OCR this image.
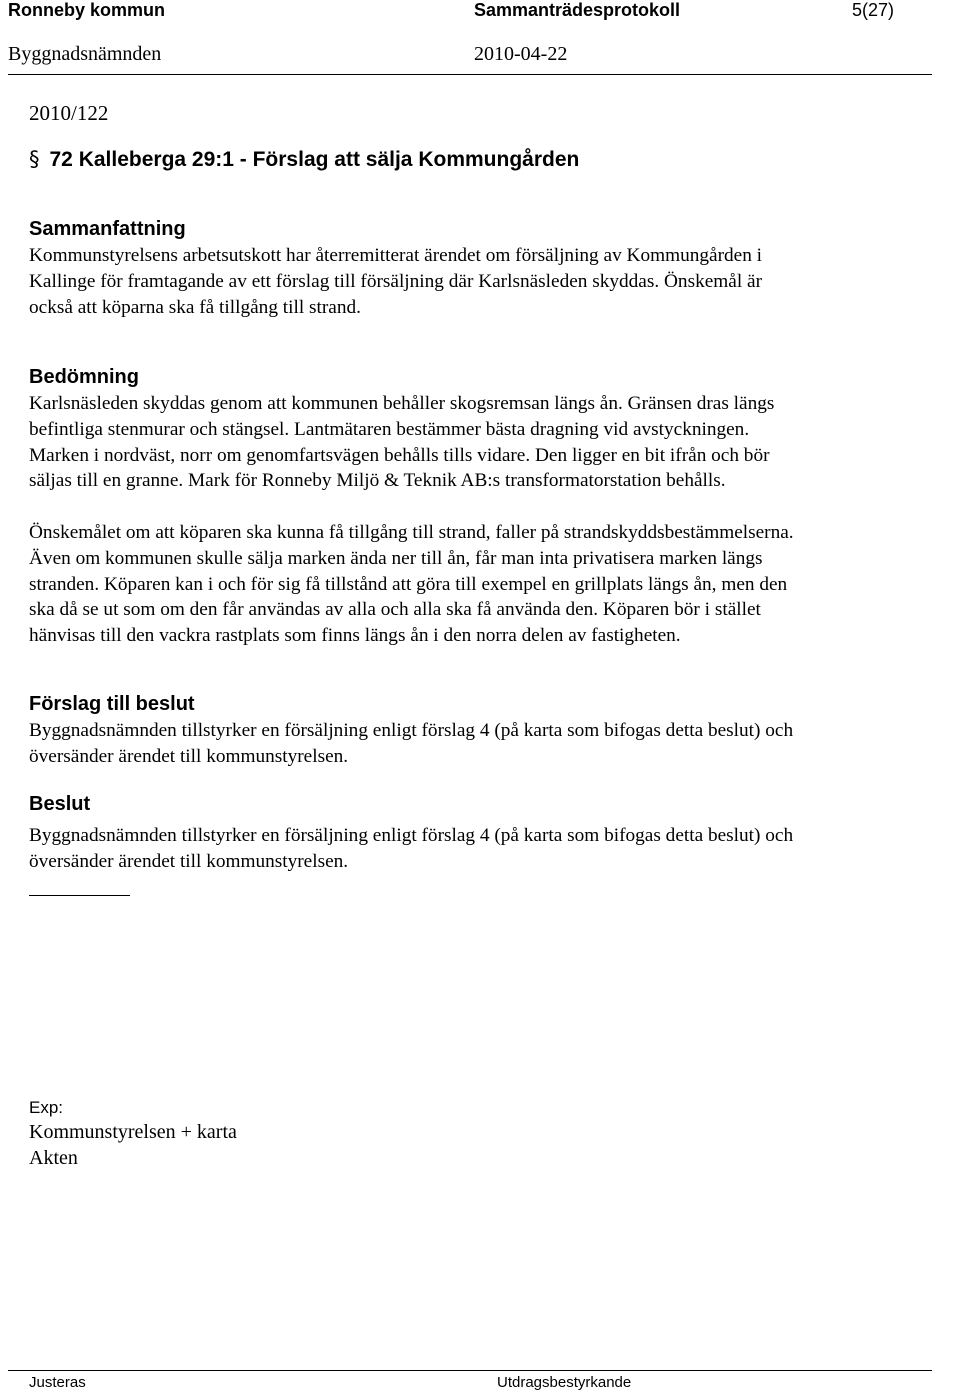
Ronneby kommun	Sammanträdesprotokoll	5(27)
Byggnadsnämnden	2010-04-22
2010/122
§ 72 Kalleberga 29:1 - Förslag att sälja Kommungården
Sammanfattning

Kommunstyrelsens arbetsutskott har återremitterat ärendet om försäljning av Kommungården i
Kallinge för framtagande av ett förslag till försäljning där Karlsnäsleden skyddas. Önskemål är
också att köparna ska få tillgång till strand.

Bedömning

Karlsnäsleden skyddas genom att kommunen behåller skogsremsan längs ån. Gränsen dras längs
befintliga stenmurar och stängsel. Lantmätaren bestämmer bästa dragning vid avstyckningen.
Marken i nordväst, norr om genomfartsvägen behålls tills vidare. Den ligger en bit ifrån och bör
säljas till en granne. Mark för Ronneby Miljö & Teknik AB:s transformatorstation behålls.

Önskemålet om att köparen ska kunna få tillgång till strand, faller på strandskyddsbestämmelserna.
Även om kommunen skulle sälja marken ända ner till ån, får man inta privatisera marken längs
stranden. Köparen kan i och för sig få tillstånd att göra till exempel en grillplats längs ån, men den
ska då se ut som om den får användas av alla och alla ska få använda den. Köparen bör i stället
hänvisas till den vackra rastplats som finns längs ån i den norra delen av fastigheten.

Förslag till beslut

Byggnadsnämnden tillstyrker en försäljning enligt förslag 4 (på karta som bifogas detta beslut) och
översänder ärendet till kommunstyrelsen.

Beslut

Byggnadsnämnden tillstyrker en försäljning enligt förslag 4 (på karta som bifogas detta beslut) och
översänder ärendet till kommunstyrelsen.

Exp:
Kommunstyrelsen + karta
Akten
Justeras	Utdragsbestyrkande
